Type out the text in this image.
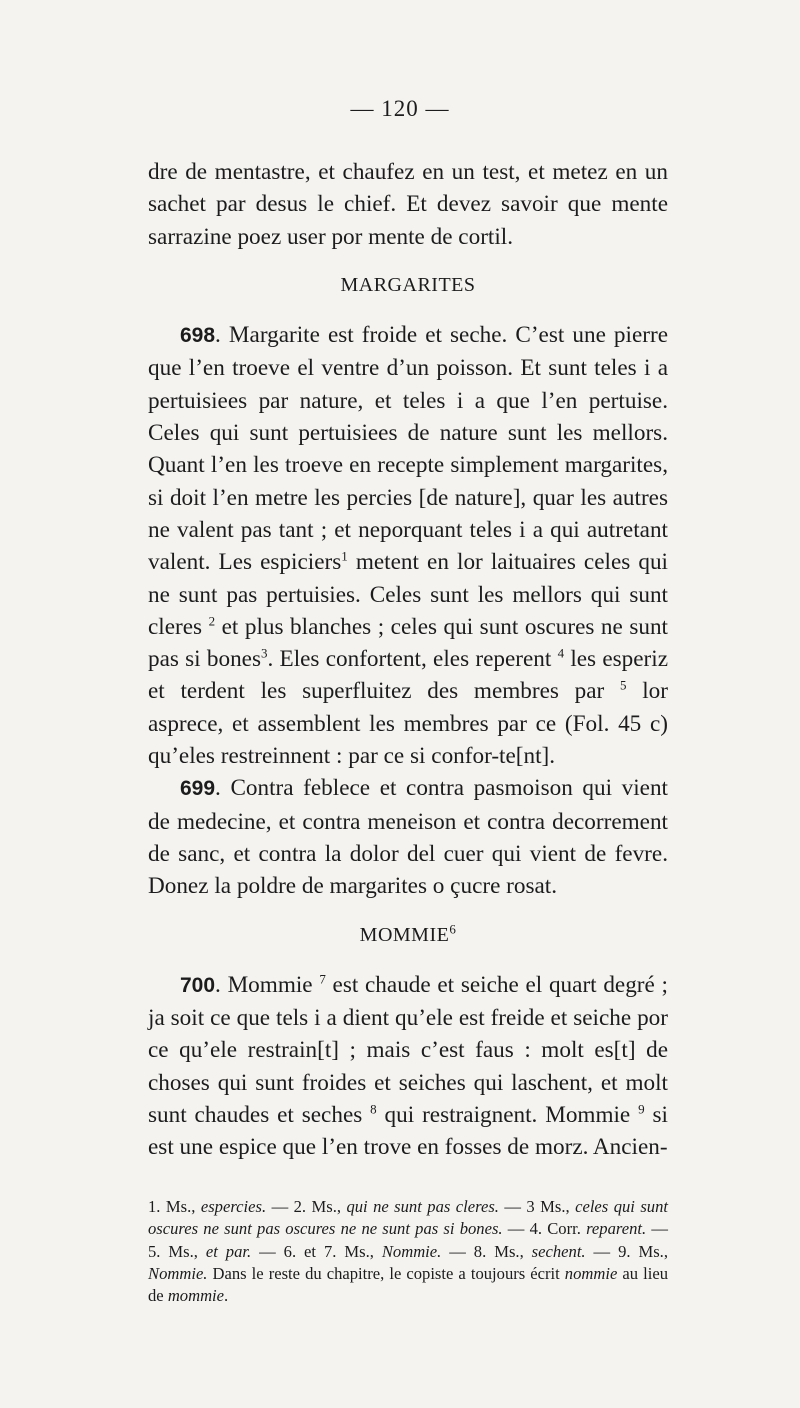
— 120 —

dre de mentastre, et chaufez en un test, et metez en un sachet par desus le chief. Et devez savoir que mente sarrazine poez user por mente de cortil.

MARGARITES

698. Margarite est froide et seche. C’est une pierre que l’en troeve el ventre d’un poisson. Et sunt teles i a pertuisiees par nature, et teles i a que l’en pertuise. Celes qui sunt pertuisiees de nature sunt les mellors. Quant l’en les troeve en recepte simplement margarites, si doit l’en metre les percies [de nature], quar les autres ne valent pas tant ; et neporquant teles i a qui autretant valent. Les espiciers$^1$ metent en lor laituaires celes qui ne sunt pas pertuisies. Celes sunt les mellors qui sunt cleres $^2$ et plus blanches ; celes qui sunt oscures ne sunt pas si bones$^3$. Eles confortent, eles reperent $^4$ les esperiz et terdent les superfluitez des membres par $^5$ lor asprece, et assemblent les membres par ce (Fol. 45 c) qu’eles restreinnent : par ce si confor-te[nt].

699. Contra feblece et contra pasmoison qui vient de medecine, et contra meneison et contra decorrement de sanc, et contra la dolor del cuer qui vient de fevre. Donez la poldre de margarites o çucre rosat.

MOMMIE$^6$

700. Mommie $^7$ est chaude et seiche el quart degré ; ja soit ce que tels i a dient qu’ele est freide et seiche por ce qu’ele restrain[t] ; mais c’est faus : molt es[t] de choses qui sunt froides et seiches qui laschent, et molt sunt chaudes et seches $^8$ qui restraignent. Mommie $^9$ si est une espice que l’en trove en fosses de morz. Ancien-

1. Ms., espercies. — 2. Ms., qui ne sunt pas cleres. — 3 Ms., celes qui sunt oscures ne sunt pas oscures ne ne sunt pas si bones. — 4. Corr. reparent. — 5. Ms., et par. — 6. et 7. Ms., Nommie. — 8. Ms., sechent. — 9. Ms., Nommie. Dans le reste du chapitre, le copiste a toujours écrit nommie au lieu de mommie.
